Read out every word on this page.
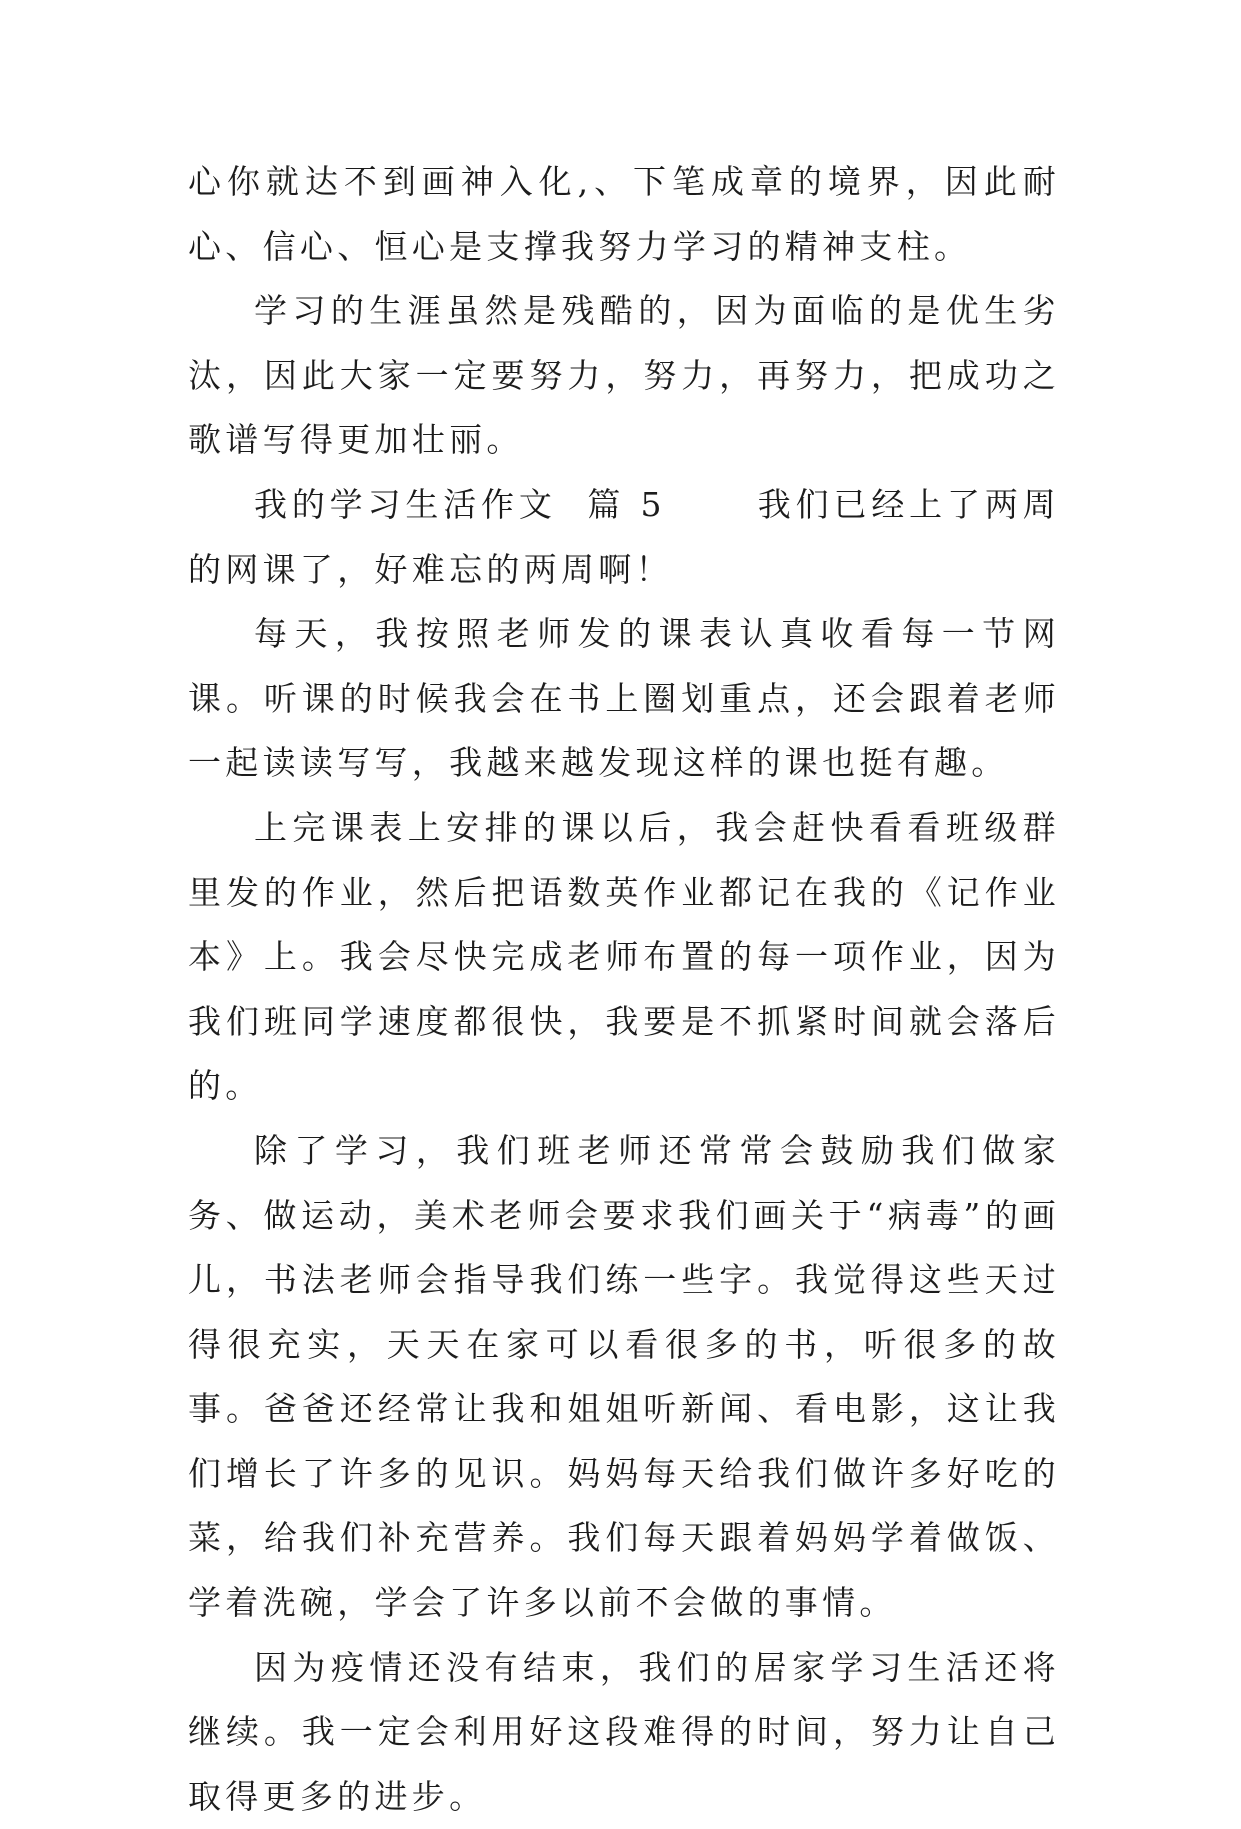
心你就达不到画神入化,、下笔成章的境界，因此耐心、信心、恒心是支撑我努力学习的精神支柱。

学习的生涯虽然是残酷的，因为面临的是优生劣汰，因此大家一定要努力，努力，再努力，把成功之歌谱写得更加壮丽。

我的学习生活作文  篇 5      我们已经上了两周的网课了，好难忘的两周啊！

每天，我按照老师发的课表认真收看每一节网课。听课的时候我会在书上圈划重点，还会跟着老师一起读读写写，我越来越发现这样的课也挺有趣。

上完课表上安排的课以后，我会赶快看看班级群里发的作业，然后把语数英作业都记在我的《记作业本》上。我会尽快完成老师布置的每一项作业，因为我们班同学速度都很快，我要是不抓紧时间就会落后的。

除了学习，我们班老师还常常会鼓励我们做家务、做运动，美术老师会要求我们画关于“病毒”的画儿，书法老师会指导我们练一些字。我觉得这些天过得很充实，天天在家可以看很多的书，听很多的故事。爸爸还经常让我和姐姐听新闻、看电影，这让我们增长了许多的见识。妈妈每天给我们做许多好吃的菜，给我们补充营养。我们每天跟着妈妈学着做饭、学着洗碗，学会了许多以前不会做的事情。

因为疫情还没有结束，我们的居家学习生活还将继续。我一定会利用好这段难得的时间，努力让自己取得更多的进步。
